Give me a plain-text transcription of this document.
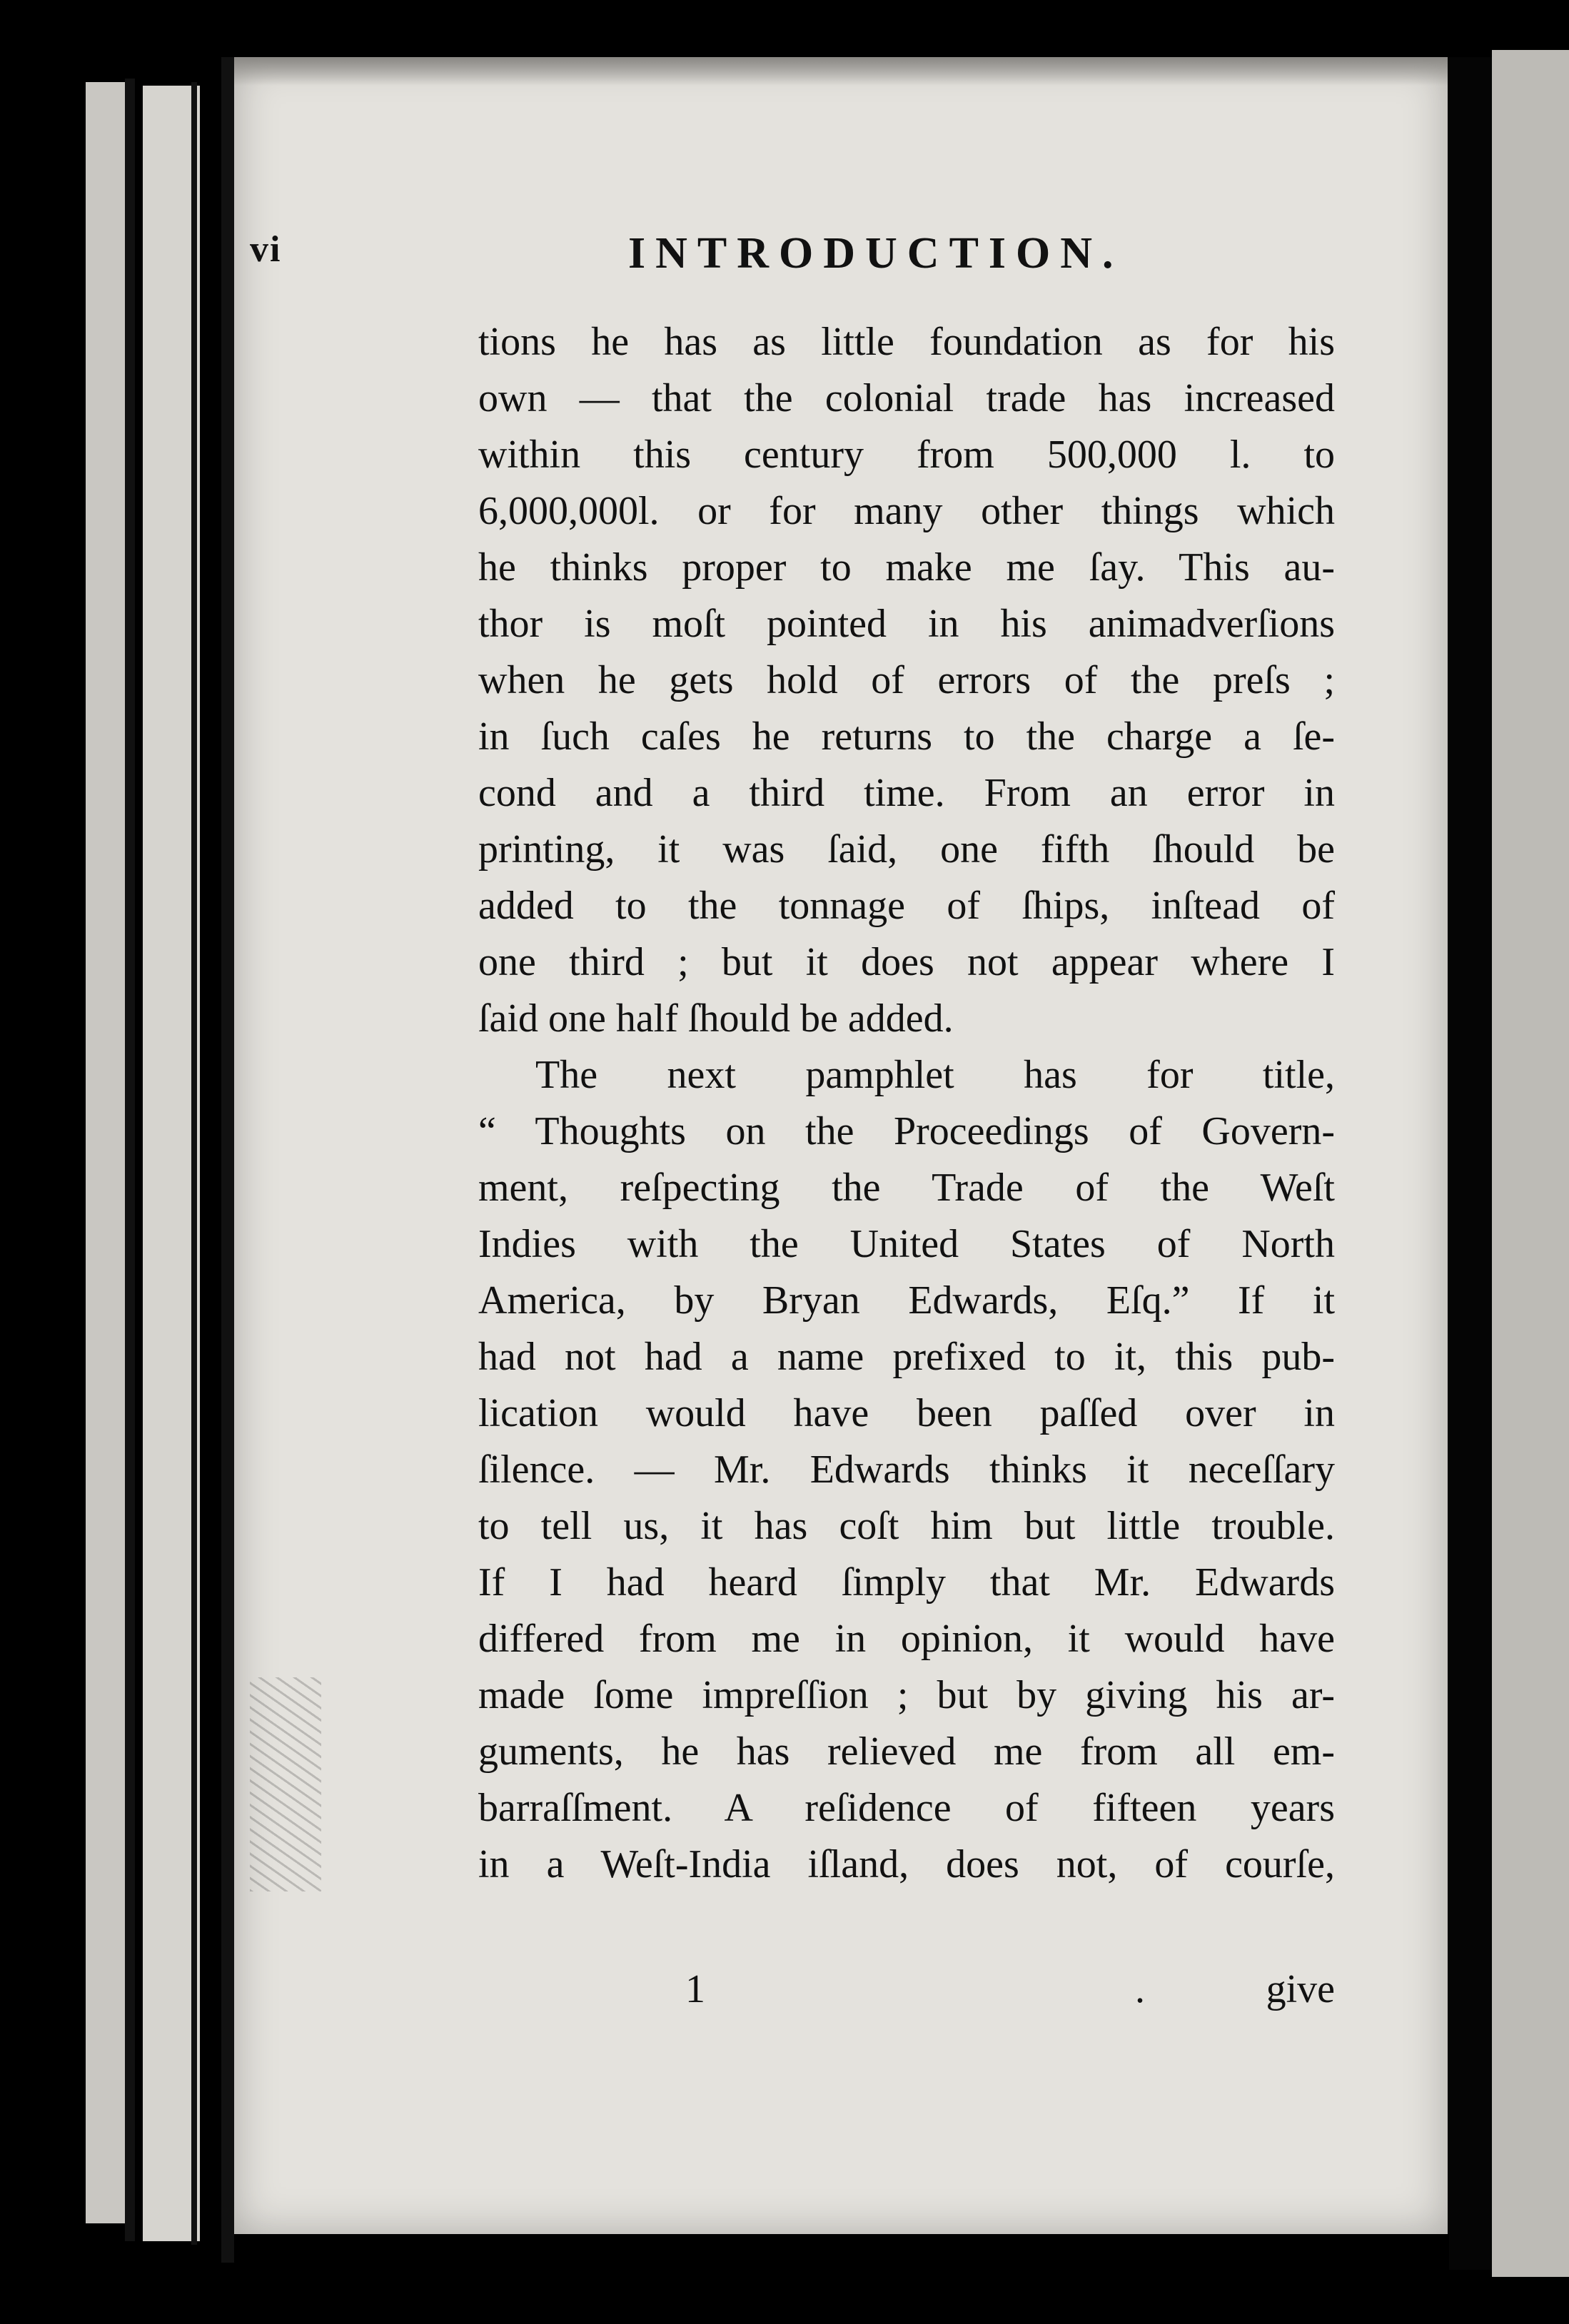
vi	INTRODUCTION.
tions he has as little foundation as for his
own — that the colonial trade has increased
within this century from 500,000 l. to
6,000,000l. or for many other things which
he thinks proper to make me ſay. This au-
thor is moſt pointed in his animadverſions
when he gets hold of errors of the preſs ;
in ſuch caſes he returns to the charge a ſe-
cond and a third time. From an error in
printing, it was ſaid, one fifth ſhould be
added to the tonnage of ſhips, inſtead of
one third ; but it does not appear where I
ſaid one half ſhould be added.
The next pamphlet has for title,
“ Thoughts on the Proceedings of Govern-
ment, reſpecting the Trade of the Weſt
Indies with the United States of North
America, by Bryan Edwards, Eſq.” If it
had not had a name prefixed to it, this pub-
lication would have been paſſed over in
ſilence. — Mr. Edwards thinks it neceſſary
to tell us, it has coſt him but little trouble.
If I had heard ſimply that Mr. Edwards
differed from me in opinion, it would have
made ſome impreſſion ; but by giving his ar-
guments, he has relieved me from all em-
barraſſment. A reſidence of fifteen years
in a Weſt-India iſland, does not, of courſe,
1	.	give
